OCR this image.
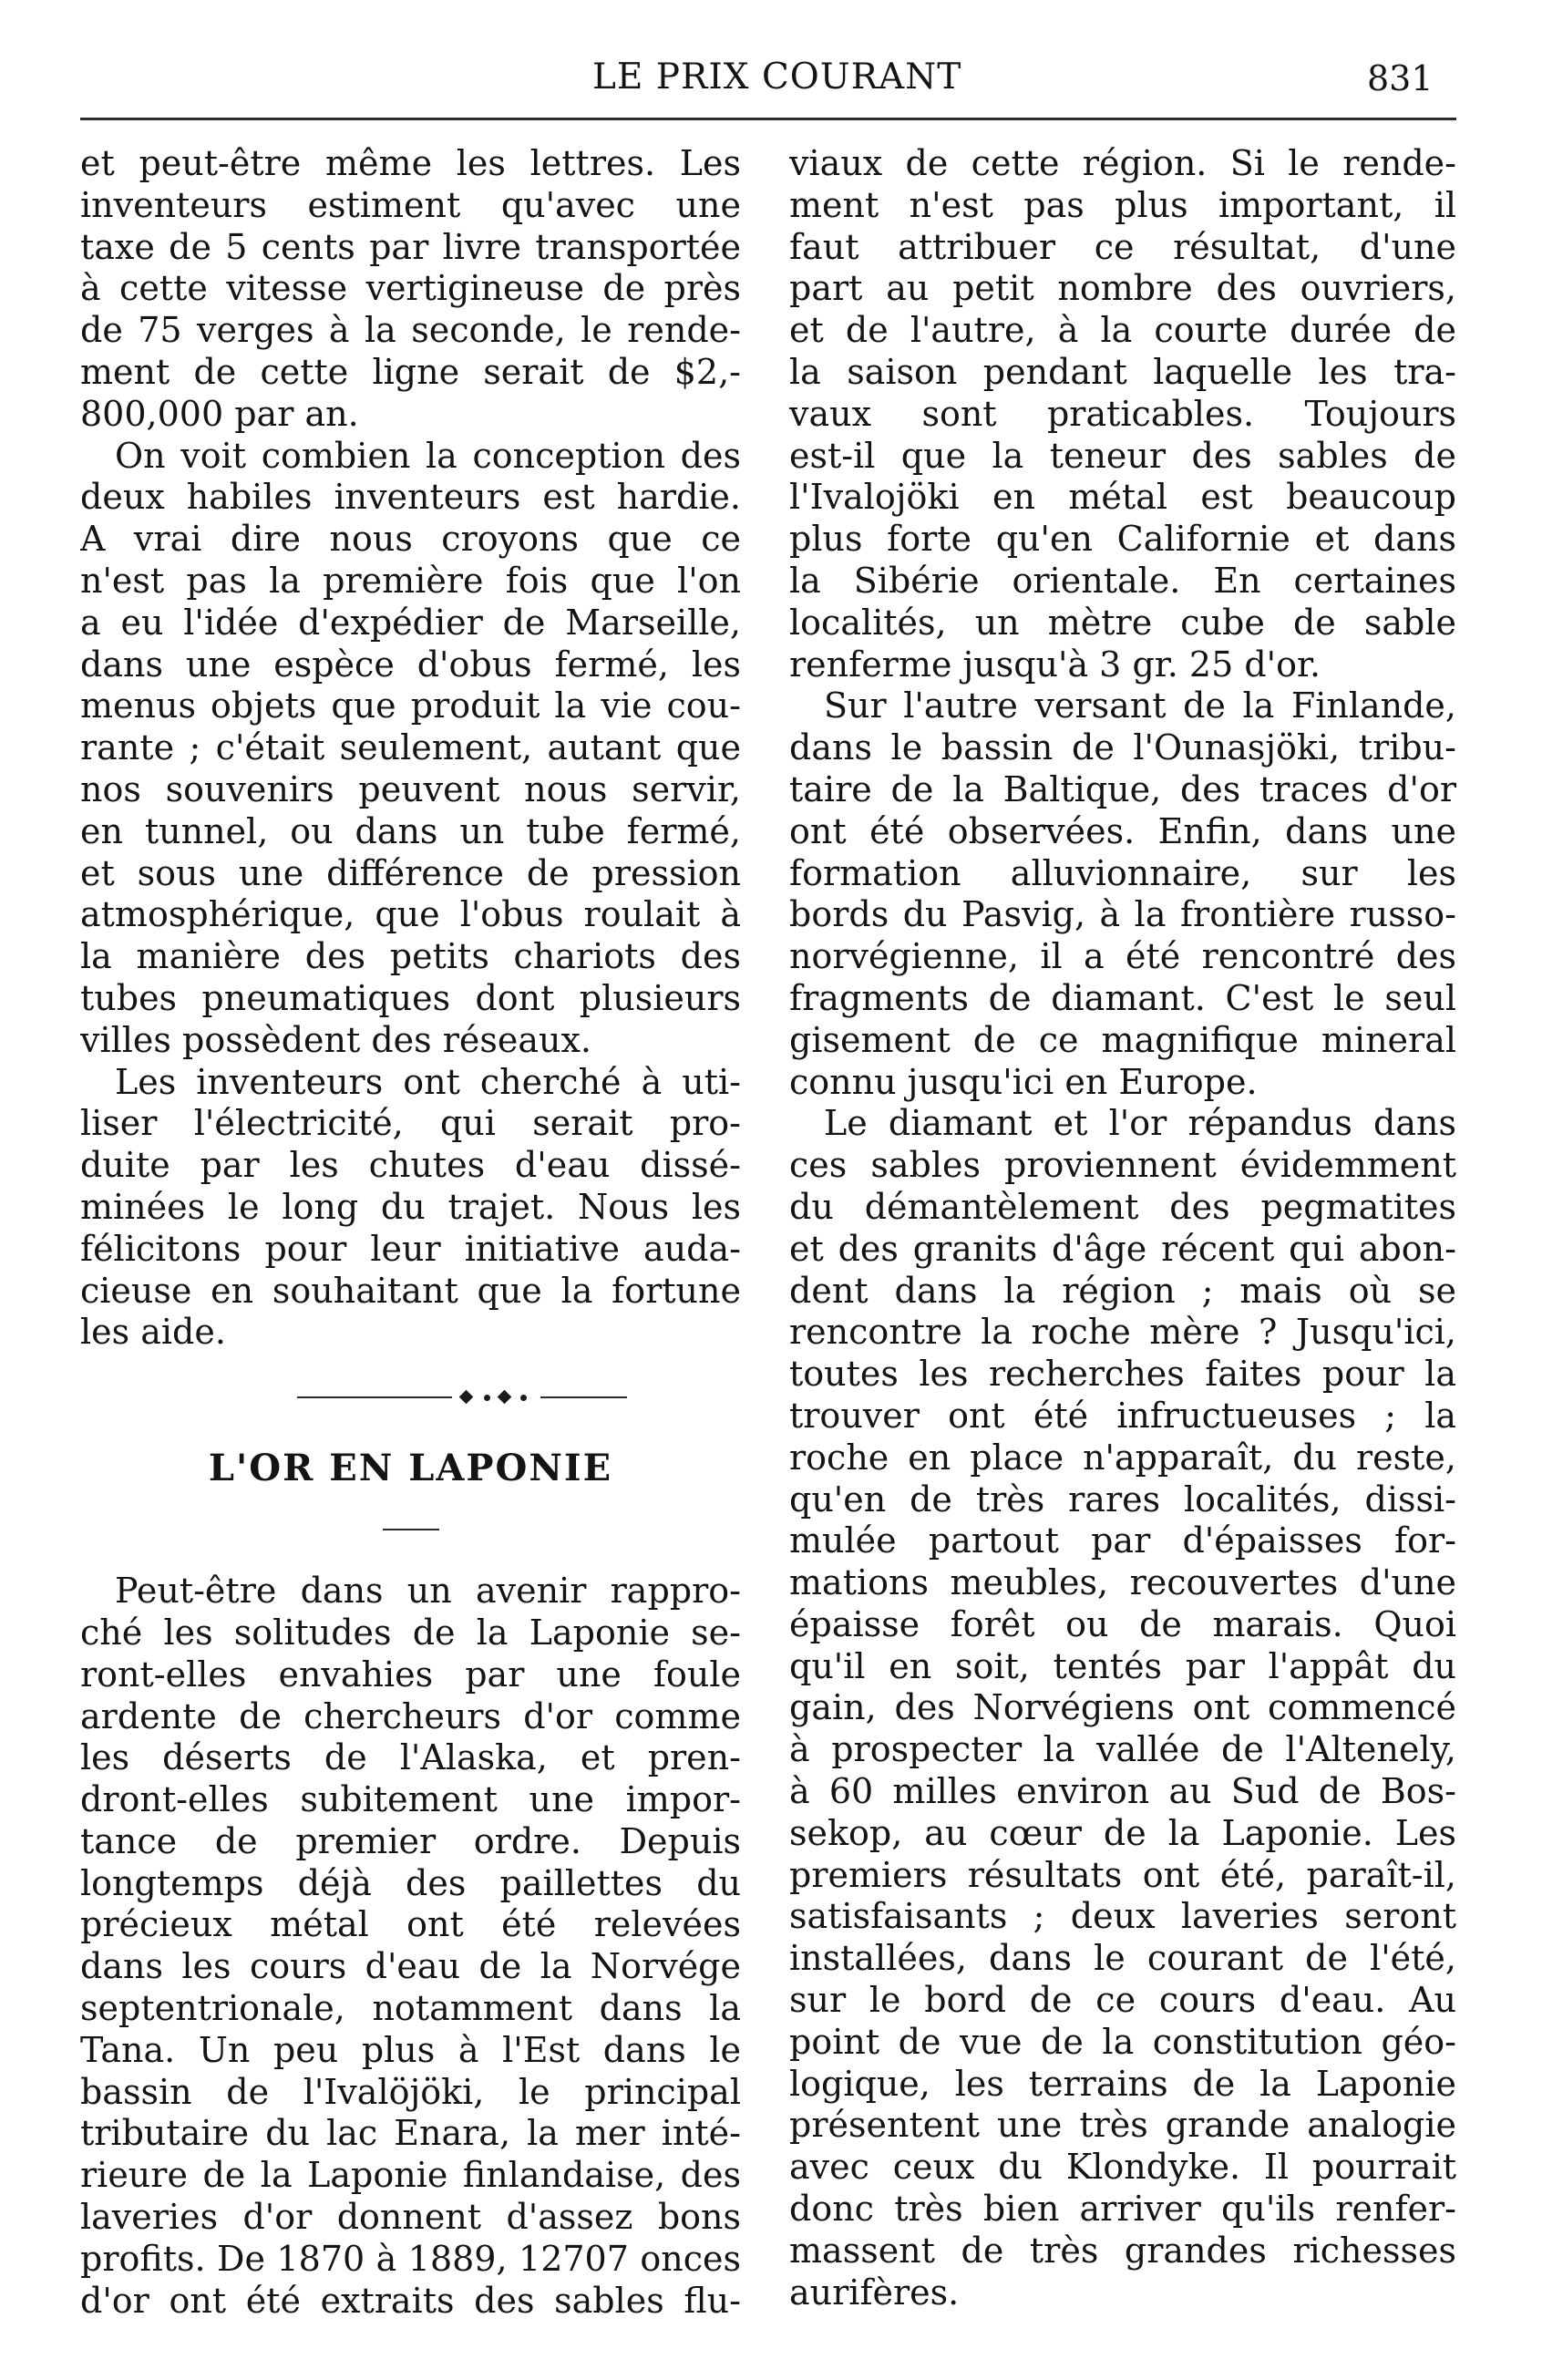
LE PRIX COURANT	831
et peut-être même les lettres. Les
inventeurs estiment qu'avec une
taxe de 5 cents par livre transportée
à cette vitesse vertigineuse de près
de 75 verges à la seconde, le rende-
ment de cette ligne serait de $2,-
800,000 par an.
On voit combien la conception des
deux habiles inventeurs est hardie.
A vrai dire nous croyons que ce
n'est pas la première fois que l'on
a eu l'idée d'expédier de Marseille,
dans une espèce d'obus fermé, les
menus objets que produit la vie cou-
rante ; c'était seulement, autant que
nos souvenirs peuvent nous servir,
en tunnel, ou dans un tube fermé,
et sous une différence de pression
atmosphérique, que l'obus roulait à
la manière des petits chariots des
tubes pneumatiques dont plusieurs
villes possèdent des réseaux.
Les inventeurs ont cherché à uti-
liser l'électricité, qui serait pro-
duite par les chutes d'eau dissé-
minées le long du trajet. Nous les
félicitons pour leur initiative auda-
cieuse en souhaitant que la fortune
les aide.
L'OR EN LAPONIE
Peut-être dans un avenir rappro-
ché les solitudes de la Laponie se-
ront-elles envahies par une foule
ardente de chercheurs d'or comme
les déserts de l'Alaska, et pren-
dront-elles subitement une impor-
tance de premier ordre. Depuis
longtemps déjà des paillettes du
précieux métal ont été relevées
dans les cours d'eau de la Norvége
septentrionale, notamment dans la
Tana. Un peu plus à l'Est dans le
bassin de l'Ivalöjöki, le principal
tributaire du lac Enara, la mer inté-
rieure de la Laponie finlandaise, des
laveries d'or donnent d'assez bons
profits. De 1870 à 1889, 12707 onces
d'or ont été extraits des sables flu-
viaux de cette région. Si le rende-
ment n'est pas plus important, il
faut attribuer ce résultat, d'une
part au petit nombre des ouvriers,
et de l'autre, à la courte durée de
la saison pendant laquelle les tra-
vaux sont praticables. Toujours
est-il que la teneur des sables de
l'Ivalojöki en métal est beaucoup
plus forte qu'en Californie et dans
la Sibérie orientale. En certaines
localités, un mètre cube de sable
renferme jusqu'à 3 gr. 25 d'or.
Sur l'autre versant de la Finlande,
dans le bassin de l'Ounasjöki, tribu-
taire de la Baltique, des traces d'or
ont été observées. Enfin, dans une
formation alluvionnaire, sur les
bords du Pasvig, à la frontière russo-
norvégienne, il a été rencontré des
fragments de diamant. C'est le seul
gisement de ce magnifique mineral
connu jusqu'ici en Europe.
Le diamant et l'or répandus dans
ces sables proviennent évidemment
du démantèlement des pegmatites
et des granits d'âge récent qui abon-
dent dans la région ; mais où se
rencontre la roche mère ? Jusqu'ici,
toutes les recherches faites pour la
trouver ont été infructueuses ; la
roche en place n'apparaît, du reste,
qu'en de très rares localités, dissi-
mulée partout par d'épaisses for-
mations meubles, recouvertes d'une
épaisse forêt ou de marais. Quoi
qu'il en soit, tentés par l'appât du
gain, des Norvégiens ont commencé
à prospecter la vallée de l'Altenely,
à 60 milles environ au Sud de Bos-
sekop, au cœur de la Laponie. Les
premiers résultats ont été, paraît-il,
satisfaisants ; deux laveries seront
installées, dans le courant de l'été,
sur le bord de ce cours d'eau. Au
point de vue de la constitution géo-
logique, les terrains de la Laponie
présentent une très grande analogie
avec ceux du Klondyke. Il pourrait
donc très bien arriver qu'ils renfer-
massent de très grandes richesses
aurifères.
